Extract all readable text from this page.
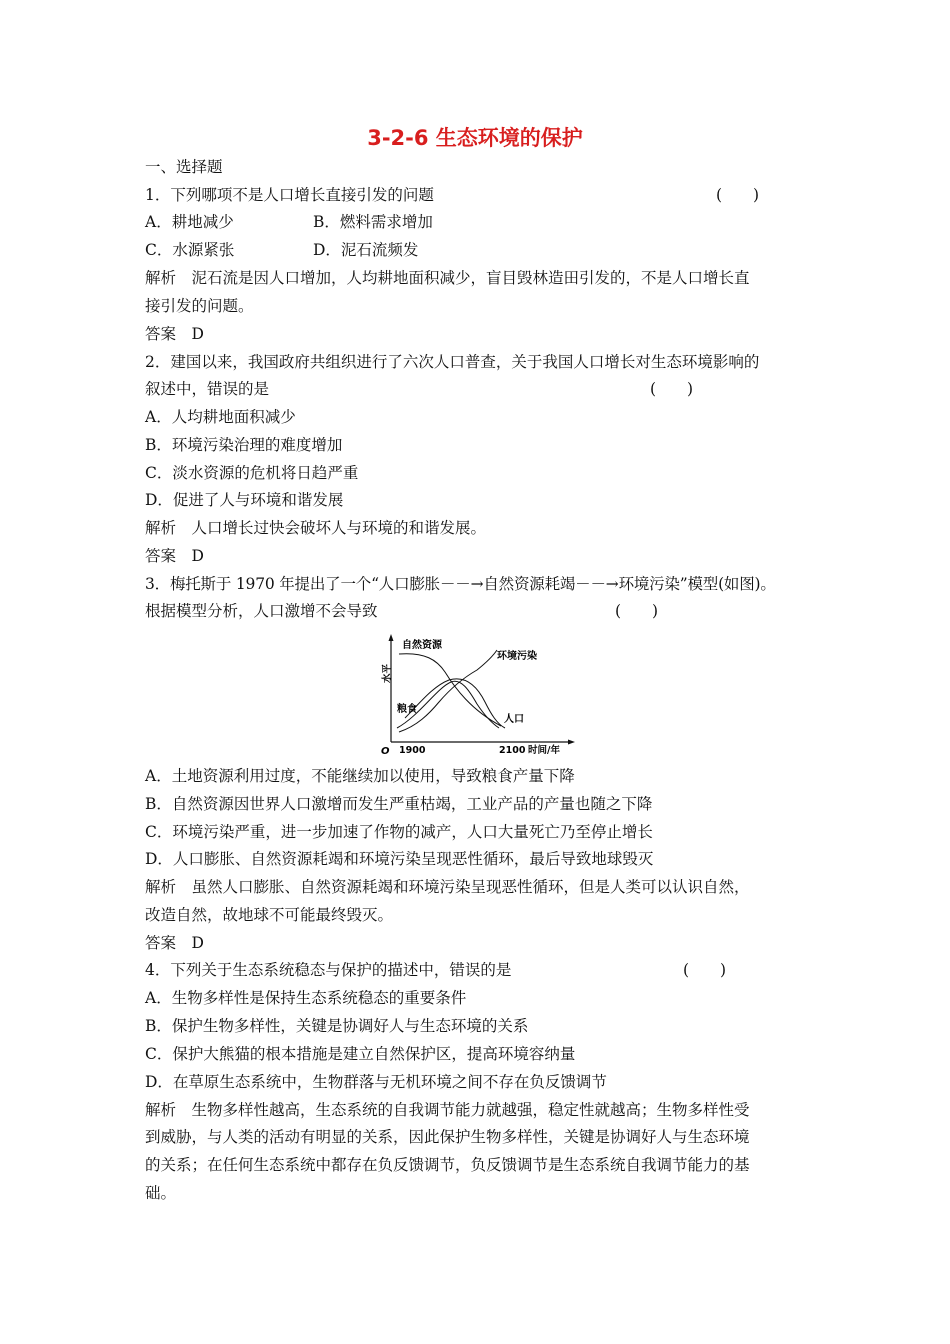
3-2-6 生态环境的保护
一、选择题
1．下列哪项不是人口增长直接引发的问题	(　　)
A．耕地减少	B．燃料需求增加
C．水源紧张	D．泥石流频发
解析　泥石流是因人口增加，人均耕地面积减少，盲目毁林造田引发的，不是人口增长直
接引发的问题。
答案　D
2．建国以来，我国政府共组织进行了六次人口普查，关于我国人口增长对生态环境影响的
叙述中，错误的是	(　　)
A．人均耕地面积减少
B．环境污染治理的难度增加
C．淡水资源的危机将日趋严重
D．促进了人与环境和谐发展
解析　人口增长过快会破坏人与环境的和谐发展。
答案　D
3．梅托斯于 1970 年提出了一个“人口膨胀－－→自然资源耗竭－－→环境污染”模型(如图)。
根据模型分析，人口激增不会导致	(　　)
水平
O 1900	2100 时间/年
自然资源
环境污染
粮食
人口
A．土地资源利用过度，不能继续加以使用，导致粮食产量下降
B．自然资源因世界人口激增而发生严重枯竭，工业产品的产量也随之下降
C．环境污染严重，进一步加速了作物的减产，人口大量死亡乃至停止增长
D．人口膨胀、自然资源耗竭和环境污染呈现恶性循环，最后导致地球毁灭
解析　虽然人口膨胀、自然资源耗竭和环境污染呈现恶性循环，但是人类可以认识自然，
改造自然，故地球不可能最终毁灭。
答案　D
4．下列关于生态系统稳态与保护的描述中，错误的是	(　　)
A．生物多样性是保持生态系统稳态的重要条件
B．保护生物多样性，关键是协调好人与生态环境的关系
C．保护大熊猫的根本措施是建立自然保护区，提高环境容纳量
D．在草原生态系统中，生物群落与无机环境之间不存在负反馈调节
解析　生物多样性越高，生态系统的自我调节能力就越强，稳定性就越高；生物多样性受
到威胁，与人类的活动有明显的关系，因此保护生物多样性，关键是协调好人与生态环境
的关系；在任何生态系统中都存在负反馈调节，负反馈调节是生态系统自我调节能力的基
础。
